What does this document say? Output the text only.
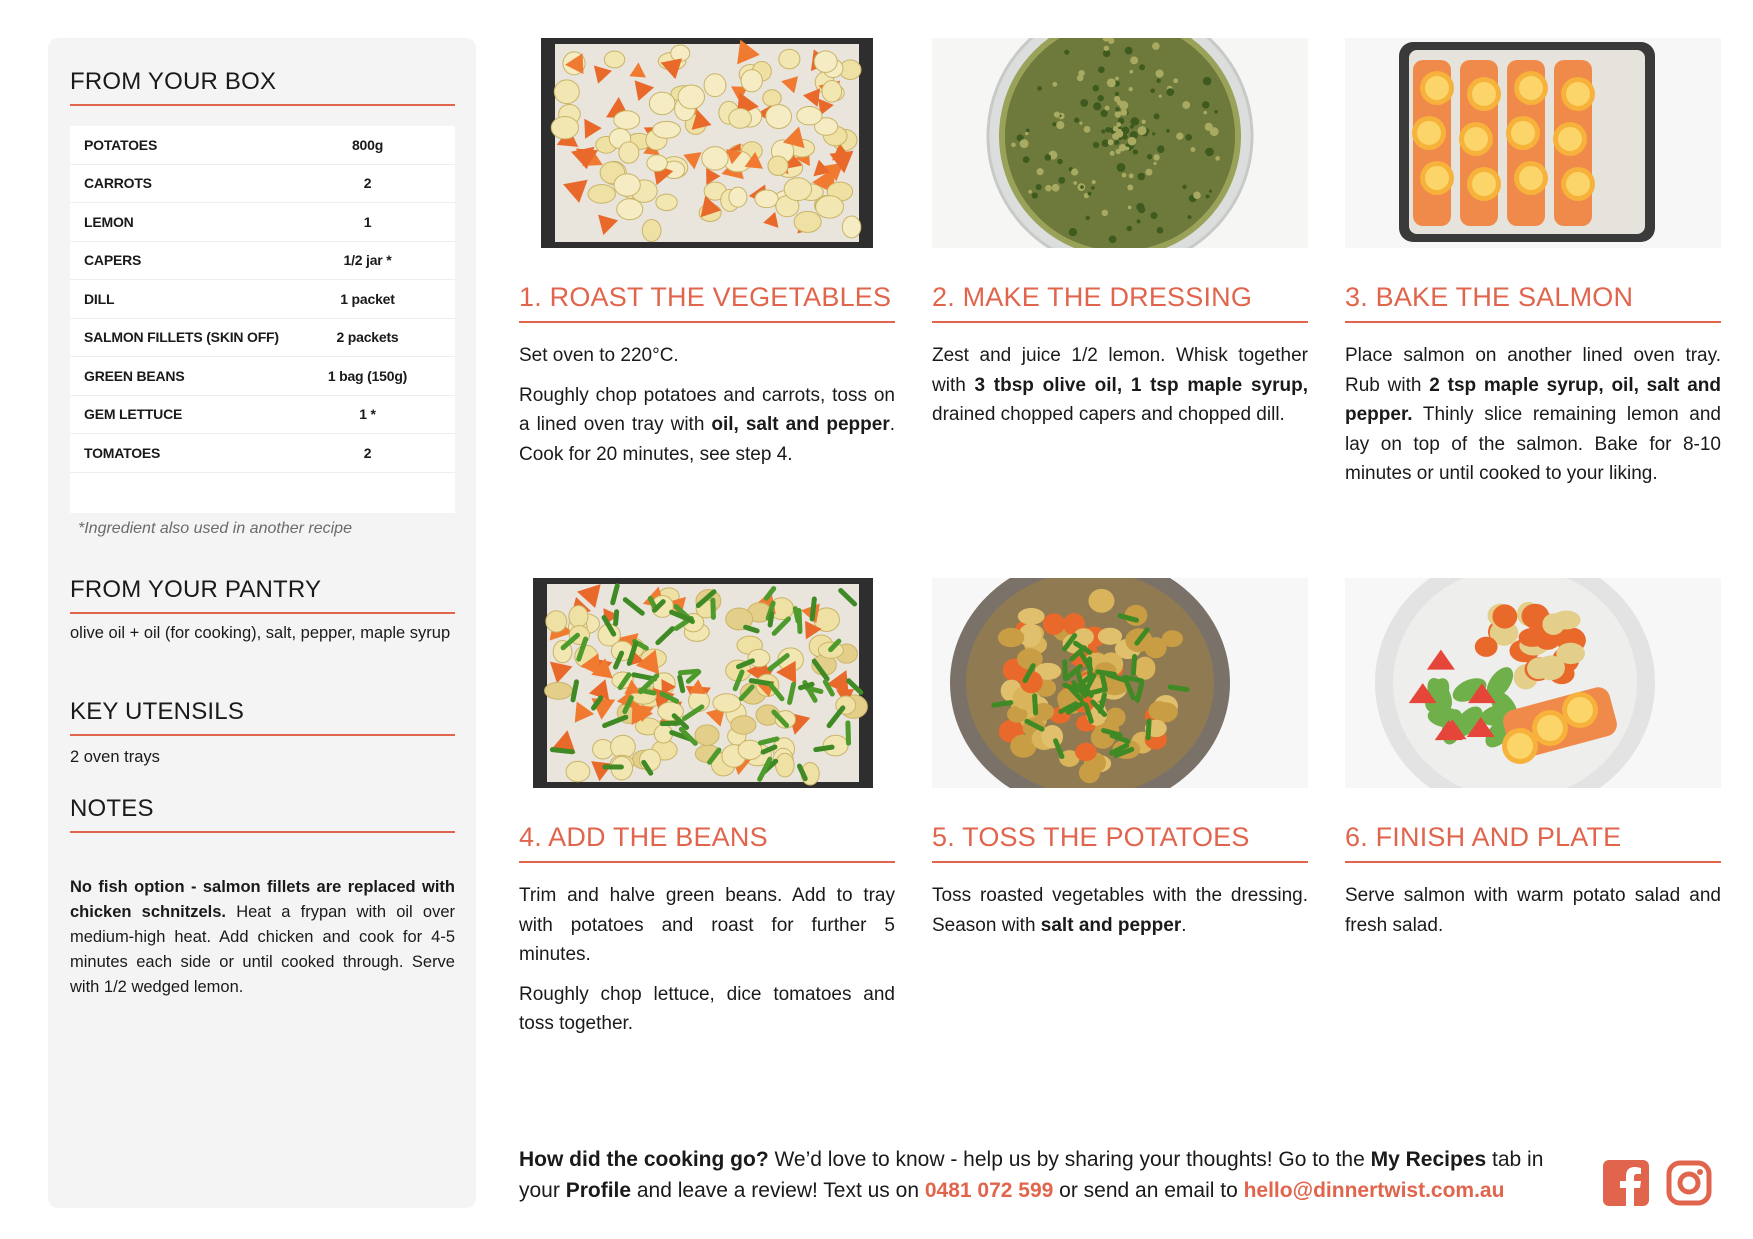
FROM YOUR BOX
POTATOES	800g
CARROTS	2
LEMON	1
CAPERS	1/2 jar *
DILL	1 packet
SALMON FILLETS (SKIN OFF)	2 packets
GREEN BEANS	1 bag (150g)
GEM LETTUCE	1 *
TOMATOES	2
*Ingredient also used in another recipe
FROM YOUR PANTRY
olive oil + oil (for cooking), salt, pepper, maple syrup
KEY UTENSILS
2 oven trays
NOTES
No fish option - salmon fillets are replaced with chicken schnitzels. Heat a frypan with oil over medium-high heat. Add chicken and cook for 4-5 minutes each side or until cooked through. Serve with 1/2 wedged lemon.
1. ROAST THE VEGETABLES
Set oven to 220°C.
Roughly chop potatoes and carrots, toss on a lined oven tray with oil, salt and pepper. Cook for 20 minutes, see step 4.
2. MAKE THE DRESSING
Zest and juice 1/2 lemon. Whisk together with 3 tbsp olive oil, 1 tsp maple syrup, drained chopped capers and chopped dill.
3. BAKE THE SALMON
Place salmon on another lined oven tray. Rub with 2 tsp maple syrup, oil, salt and pepper. Thinly slice remaining lemon and lay on top of the salmon. Bake for 8-10 minutes or until cooked to your liking.
4. ADD THE BEANS
Trim and halve green beans. Add to tray with potatoes and roast for further 5 minutes.
Roughly chop lettuce, dice tomatoes and toss together.
5. TOSS THE POTATOES
Toss roasted vegetables with the dressing. Season with salt and pepper.
6. FINISH AND PLATE
Serve salmon with warm potato salad and fresh salad.
How did the cooking go? We’d love to know - help us by sharing your thoughts! Go to the My Recipes tab in your Profile and leave a review! Text us on 0481 072 599 or send an email to hello@dinnertwist.com.au
